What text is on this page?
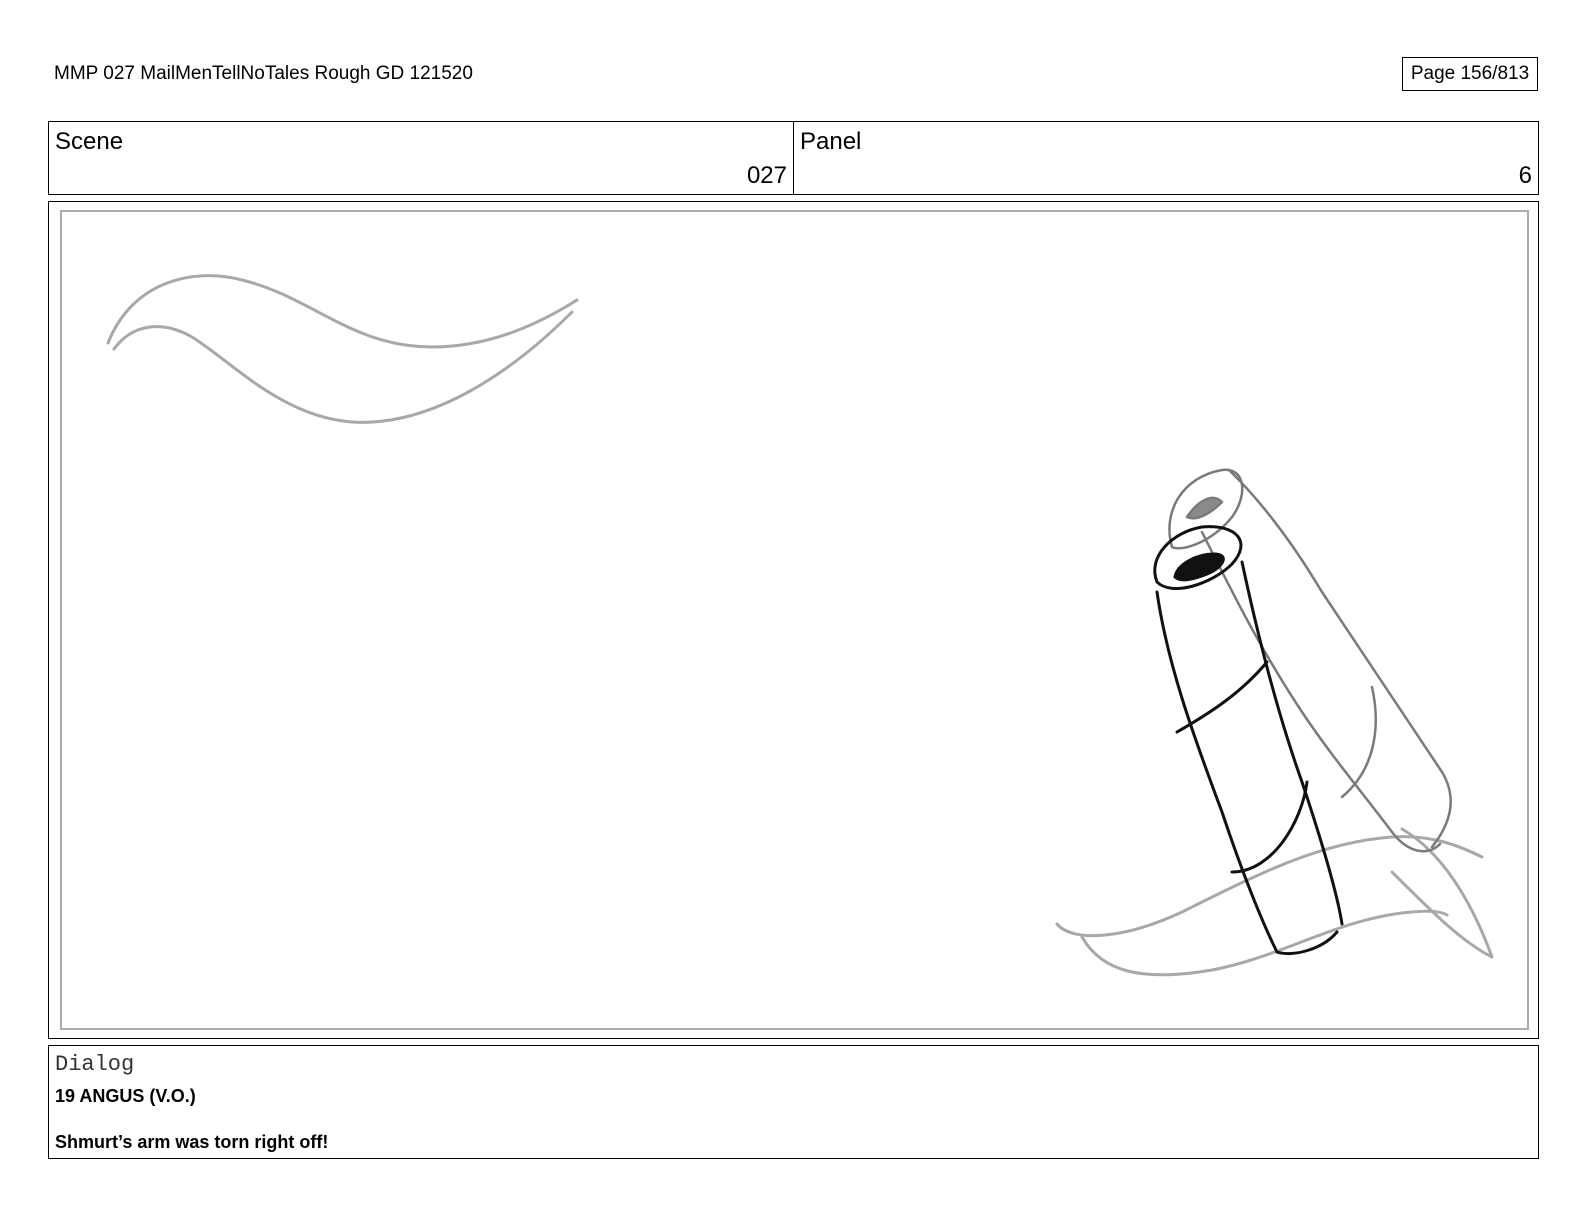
MMP 027 MailMenTellNoTales Rough GD 121520	Page 156/813
Scene
027
Panel
6
Dialog
19 ANGUS (V.O.)
Shmurt’s arm was torn right off!
